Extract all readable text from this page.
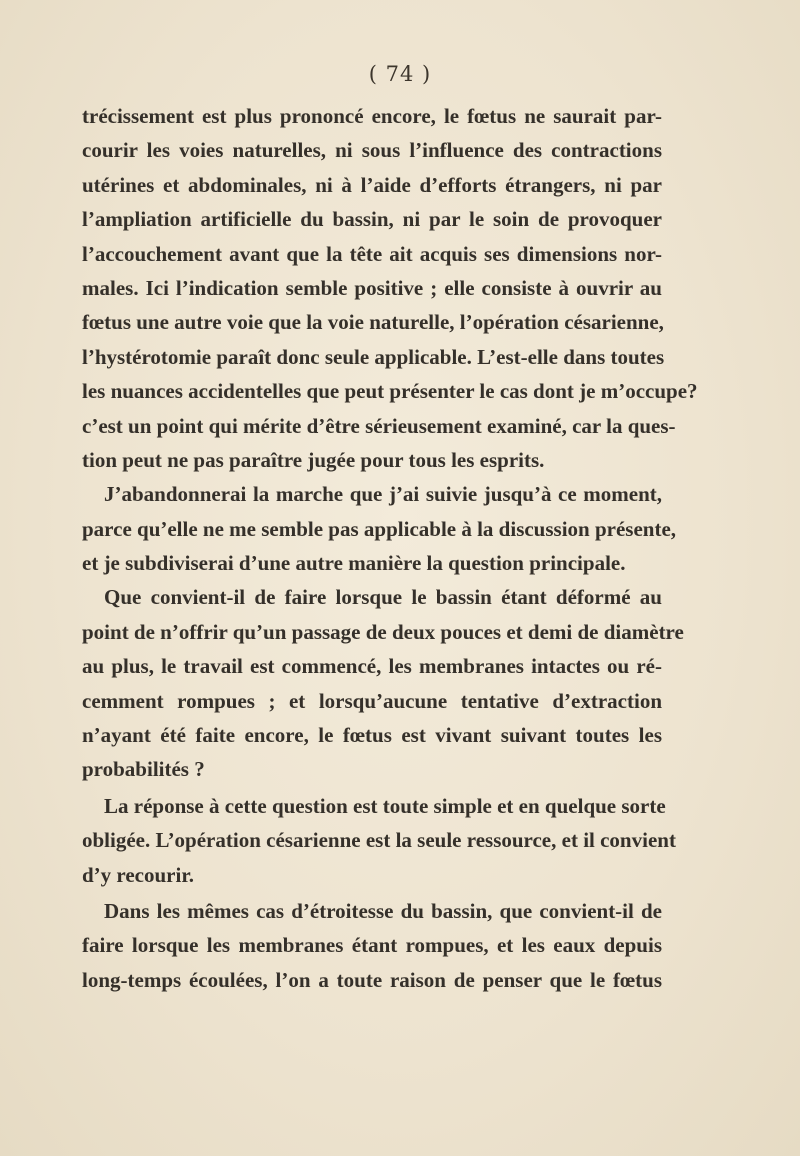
( 74 )
trécissement est plus prononcé encore, le fœtus ne saurait par-
courir les voies naturelles, ni sous l’influence des contractions
utérines et abdominales, ni à l’aide d’efforts étrangers, ni par
l’ampliation artificielle du bassin, ni par le soin de provoquer
l’accouchement avant que la tête ait acquis ses dimensions nor-
males. Ici l’indication semble positive ; elle consiste à ouvrir au
fœtus une autre voie que la voie naturelle, l’opération césarienne,
l’hystérotomie paraît donc seule applicable. L’est-elle dans toutes
les nuances accidentelles que peut présenter le cas dont je m’occupe?
c’est un point qui mérite d’être sérieusement examiné, car la ques-
tion peut ne pas paraître jugée pour tous les esprits.
J’abandonnerai la marche que j’ai suivie jusqu’à ce moment,
parce qu’elle ne me semble pas applicable à la discussion présente,
et je subdiviserai d’une autre manière la question principale.
Que convient-il de faire lorsque le bassin étant déformé au
point de n’offrir qu’un passage de deux pouces et demi de diamètre
au plus, le travail est commencé, les membranes intactes ou ré-
cemment rompues ; et lorsqu’aucune tentative d’extraction
n’ayant été faite encore, le fœtus est vivant suivant toutes les
probabilités ?
La réponse à cette question est toute simple et en quelque sorte
obligée. L’opération césarienne est la seule ressource, et il convient
d’y recourir.
Dans les mêmes cas d’étroitesse du bassin, que convient-il de
faire lorsque les membranes étant rompues, et les eaux depuis
long-temps écoulées, l’on a toute raison de penser que le fœtus
